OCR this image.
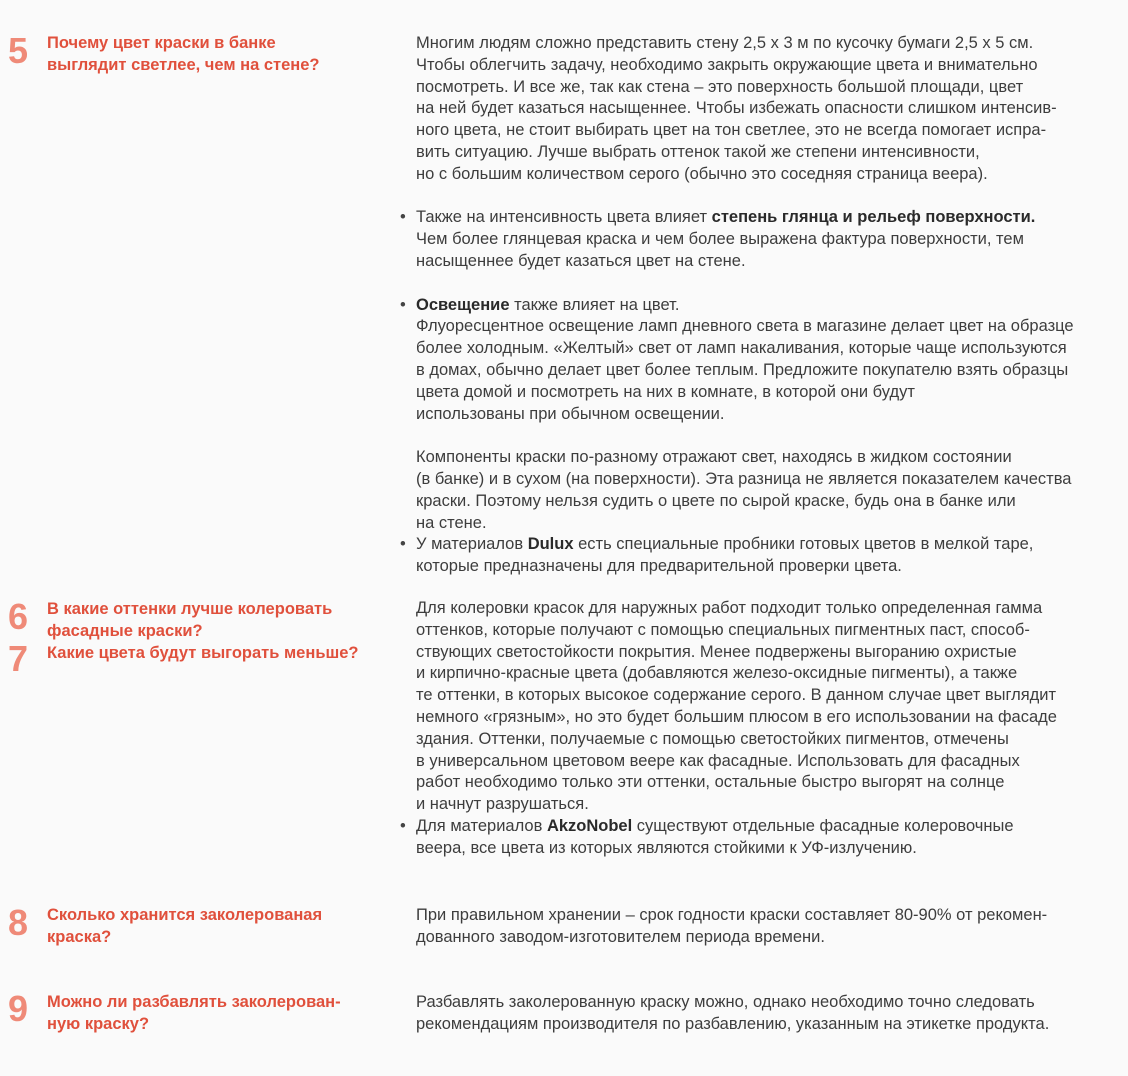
5 Почему цвет краски в банке
выглядит светлее, чем на стене?
Многим людям сложно представить стену 2,5 х 3 м по кусочку бумаги 2,5 х 5 см.
Чтобы облегчить задачу, необходимо закрыть окружающие цвета и внимательно
посмотреть. И все же, так как стена – это поверхность большой площади, цвет
на ней будет казаться насыщеннее. Чтобы избежать опасности слишком интенсив-
ного цвета, не стоит выбирать цвет на тон светлее, это не всегда помогает испра-
вить ситуацию. Лучше выбрать оттенок такой же степени интенсивности,
но с большим количеством серого (обычно это соседняя страница веера).
• Также на интенсивность цвета влияет степень глянца и рельеф поверхности.
Чем более глянцевая краска и чем более выражена фактура поверхности, тем
насыщеннее будет казаться цвет на стене.
• Освещение также влияет на цвет.
Флуоресцентное освещение ламп дневного света в магазине делает цвет на образце
более холодным. «Желтый» свет от ламп накаливания, которые чаще используются
в домах, обычно делает цвет более теплым. Предложите покупателю взять образцы
цвета домой и посмотреть на них в комнате, в которой они будут
использованы при обычном освещении.
Компоненты краски по-разному отражают свет, находясь в жидком состоянии
(в банке) и в сухом (на поверхности). Эта разница не является показателем качества
краски. Поэтому нельзя судить о цвете по сырой краске, будь она в банке или
на стене.
• У материалов Dulux есть специальные пробники готовых цветов в мелкой таре,
которые предназначены для предварительной проверки цвета.
6
7
В какие оттенки лучше колеровать
фасадные краски?
Какие цвета будут выгорать меньше?
Для колеровки красок для наружных работ подходит только определенная гамма
оттенков, которые получают с помощью специальных пигментных паст, способ-
ствующих светостойкости покрытия. Менее подвержены выгоранию охристые
и кирпично-красные цвета (добавляются железо-оксидные пигменты), а также
те оттенки, в которых высокое содержание серого. В данном случае цвет выглядит
немного «грязным», но это будет большим плюсом в его использовании на фасаде
здания. Оттенки, получаемые с помощью светостойких пигментов, отмечены
в универсальном цветовом веере как фасадные. Использовать для фасадных
работ необходимо только эти оттенки, остальные быстро выгорят на солнце
и начнут разрушаться.
• Для материалов AkzoNobel существуют отдельные фасадные колеровочные
веера, все цвета из которых являются стойкими к УФ-излучению.
8 Сколько хранится заколерованая
краска?
При правильном хранении – срок годности краски составляет 80-90% от рекомен-
дованного заводом-изготовителем периода времени.
9 Можно ли разбавлять заколерован-
ную краску?
Разбавлять заколерованную краску можно, однако необходимо точно следовать
рекомендациям производителя по разбавлению, указанным на этикетке продукта.
